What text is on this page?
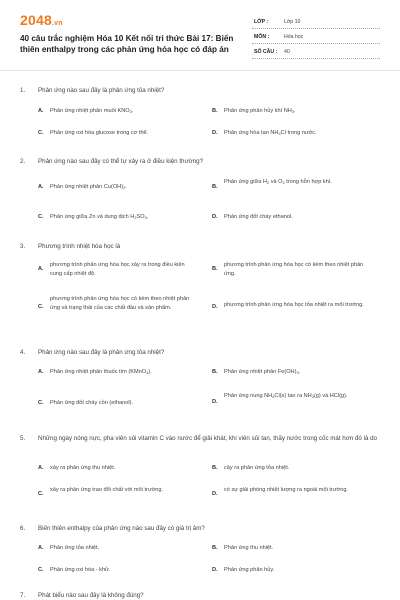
2048.vn
40 câu trắc nghiệm Hóa 10 Kết nối tri thức Bài 17: Biến thiên enthalpy trong các phản ứng hóa học có đáp án
LỚP :	Lớp 10
MÔN :	Hóa học
SỐ CÂU : 40
1. Phản ứng nào sau đây là phản ứng tỏa nhiệt?
A. Phản ứng nhiệt phân muối $KNO_3$.	B. Phản ứng phân hủy khí $NH_3$.
C. Phản ứng oxi hóa glucose trong cơ thể.	D. Phản ứng hòa $\tan NH_4Cl$ trong nước.
2. Phản ứng nào sau đây có thể tự xảy ra ở điều kiện thường?
A. Phản ứng nhiệt phân $Cu(OH)_2$.	B.
Phản ứng giữa $H_2$ và $O_2$ trong hỗn hợp khí.
C. Phản ứng giữa Zn và dung dịch $H_2SO_4$.	D. Phản ứng đốt cháy ethanol.
3. Phương trình nhiệt hóa học là
A.
phương trình phản ứng hóa học xảy ra trong điều kiện cung cấp nhiệt độ.
B.
phương trình phản ứng hóa học có kèm theo nhiệt phản ứng.
C.
phương trình phản ứng hóa học có kèm theo nhiệt phản ứng và trạng thái của các chất đầu và sản phẩm.	D. phương trình phản ứng hóa học tỏa nhiệt ra môi trường.
4. Phản ứng nào sau đây là phản ứng tỏa nhiệt?
A. Phản ứng nhiệt phân thuốc tím (KMnO$_4$).	B. Phản ứng nhiệt phân $Fe(OH)_3$.
C. Phản ứng đốt cháy cồn (ethanol).	D.
Phản ứng nung $NH_4Cl(s)$ tạo ra $NH_3(g)$ và HCl(g).
5. Những ngày nóng nực, pha viên sủi vitamin C vào nước để giải khát, khi viên sủi tan, thấy nước trong cốc mát hơn đó là do
A. xảy ra phản ứng thu nhiệt.	B. cây ra phản ứng tỏa nhiệt.
C.
xảy ra phản ứng trao đổi chất với môi trường.
D.
có sự giải phóng nhiệt lượng ra ngoài môi trường.
6. Biến thiên enthalpy của phản ứng nào sau đây có giá trị âm?
A. Phản ứng tỏa nhiệt.	B. Phản ứng thu nhiệt.
C. Phản ứng oxi hóa - khử.	D. Phản ứng phân hủy.
7. Phát biểu nào sau đây là không đúng?
